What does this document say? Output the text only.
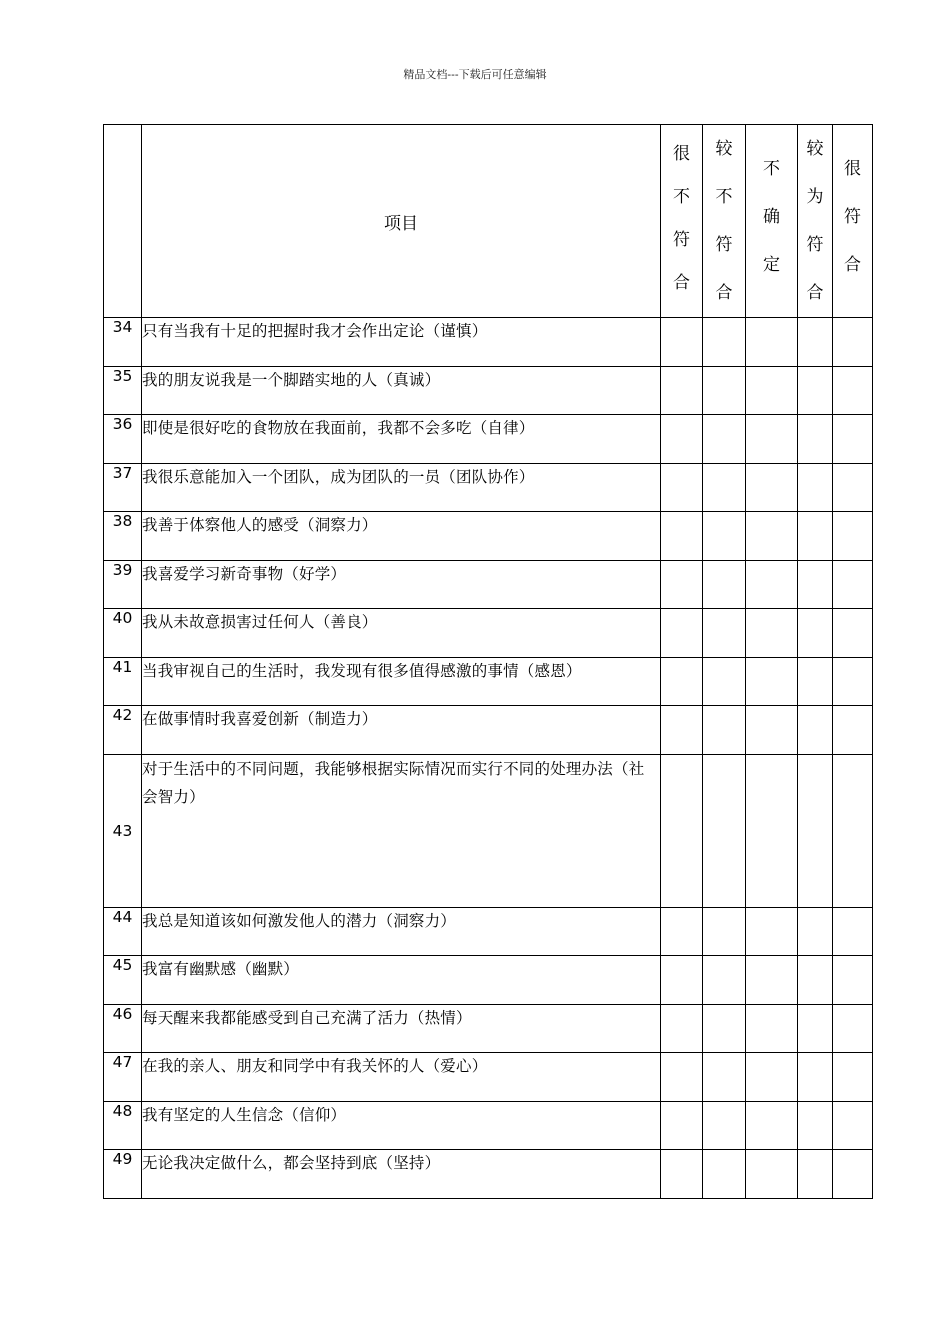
精品文档---下载后可任意编辑
	项目	很
不
符
合	较
不
符
合	不
确
定	较
为
符
合	很
符
合

34	只有当我有十足的把握时我才会作出定论（谨慎）					
35	我的朋友说我是一个脚踏实地的人（真诚）					
36	即使是很好吃的食物放在我面前，我都不会多吃（自律）					
37	我很乐意能加入一个团队，成为团队的一员（团队协作）					
38	我善于体察他人的感受（洞察力）					
39	我喜爱学习新奇事物（好学）					
40	我从未故意损害过任何人（善良）					
41	当我审视自己的生活时，我发现有很多值得感激的事情（感恩）					
42	在做事情时我喜爱创新（制造力）					
43	对于生活中的不同问题，我能够根据实际情况而实行不同的处理办法（社会智力）					
44	我总是知道该如何激发他人的潜力（洞察力）					
45	我富有幽默感（幽默）					
46	每天醒来我都能感受到自己充满了活力（热情）					
47	在我的亲人、朋友和同学中有我关怀的人（爱心）					
48	我有坚定的人生信念（信仰）					
49	无论我决定做什么，都会坚持到底（坚持）					
